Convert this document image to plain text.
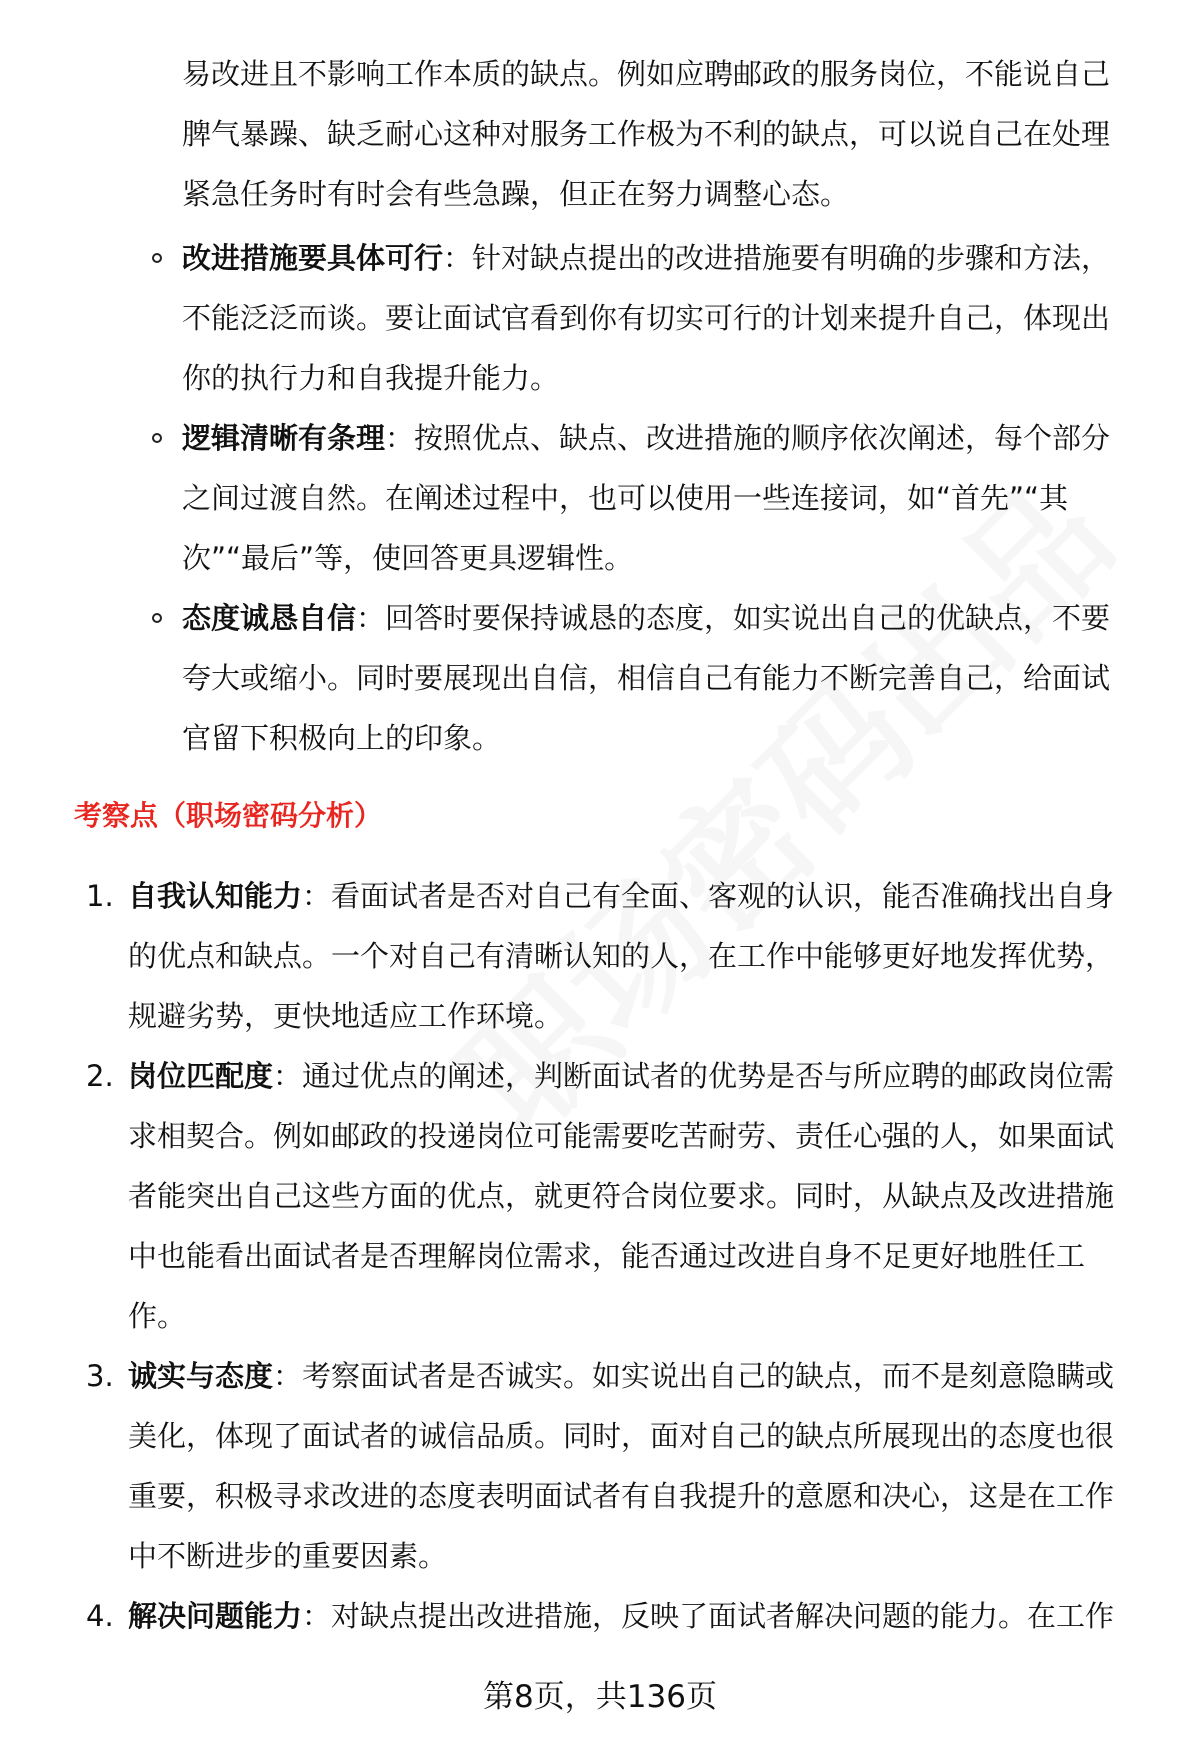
易改进且不影响工作本质的缺点。例如应聘邮政的服务岗位，不能说自己
脾气暴躁、缺乏耐心这种对服务工作极为不利的缺点，可以说自己在处理
紧急任务时有时会有些急躁，但正在努力调整心态。
改进措施要具体可行：针对缺点提出的改进措施要有明确的步骤和方法，
不能泛泛而谈。要让面试官看到你有切实可行的计划来提升自己，体现出
你的执行力和自我提升能力。
逻辑清晰有条理：按照优点、缺点、改进措施的顺序依次阐述，每个部分
之间过渡自然。在阐述过程中，也可以使用一些连接词，如“首先”“其
次”“最后”等，使回答更具逻辑性。
态度诚恳自信：回答时要保持诚恳的态度，如实说出自己的优缺点，不要
夸大或缩小。同时要展现出自信，相信自己有能力不断完善自己，给面试
官留下积极向上的印象。
考察点（职场密码分析）
1. 自我认知能力：看面试者是否对自己有全面、客观的认识，能否准确找出自身
的优点和缺点。一个对自己有清晰认知的人，在工作中能够更好地发挥优势，
规避劣势，更快地适应工作环境。
2. 岗位匹配度：通过优点的阐述，判断面试者的优势是否与所应聘的邮政岗位需
求相契合。例如邮政的投递岗位可能需要吃苦耐劳、责任心强的人，如果面试
者能突出自己这些方面的优点，就更符合岗位要求。同时，从缺点及改进措施
中也能看出面试者是否理解岗位需求，能否通过改进自身不足更好地胜任工
作。
3. 诚实与态度：考察面试者是否诚实。如实说出自己的缺点，而不是刻意隐瞒或
美化，体现了面试者的诚信品质。同时，面对自己的缺点所展现出的态度也很
重要，积极寻求改进的态度表明面试者有自我提升的意愿和决心，这是在工作
中不断进步的重要因素。
4. 解决问题能力：对缺点提出改进措施，反映了面试者解决问题的能力。在工作
第8页，共136页
